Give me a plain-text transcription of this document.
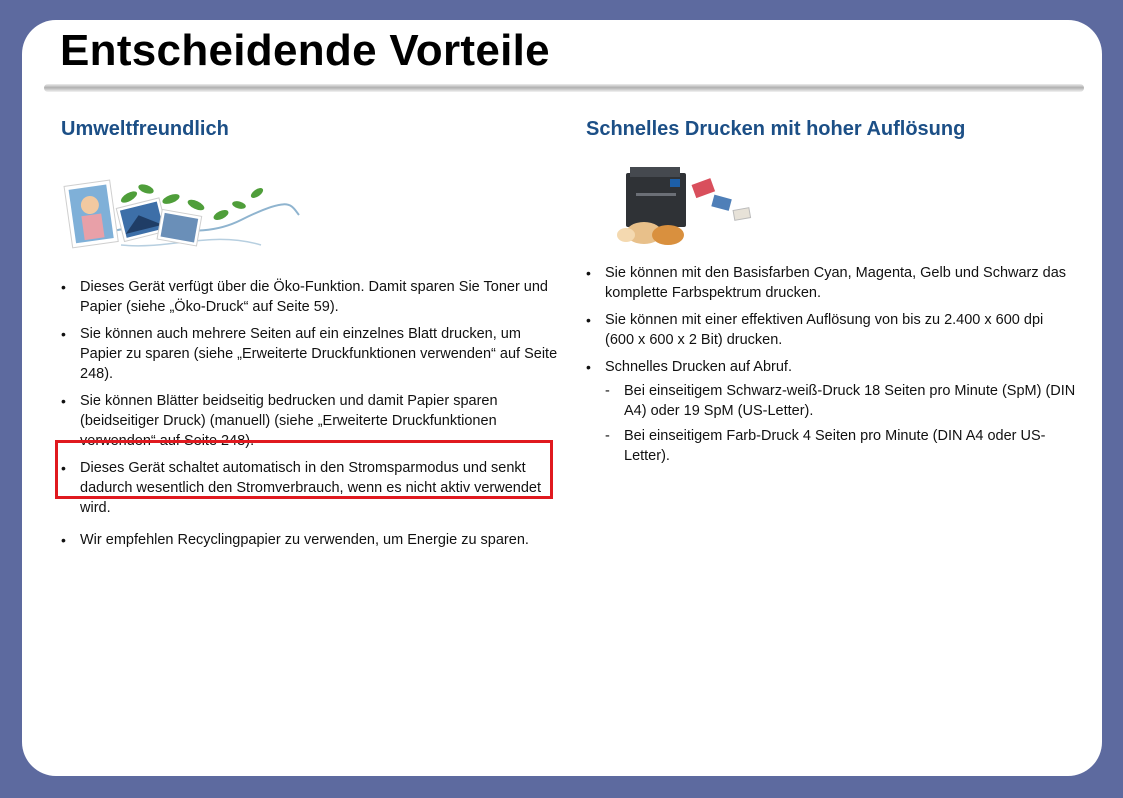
Entscheidende Vorteile
Umweltfreundlich
• Dieses Gerät verfügt über die Öko-Funktion. Damit sparen Sie Toner und Papier (siehe „Öko-Druck“ auf Seite 59).
• Sie können auch mehrere Seiten auf ein einzelnes Blatt drucken, um Papier zu sparen (siehe „Erweiterte Druckfunktionen verwenden“ auf Seite 248).
• Sie können Blätter beidseitig bedrucken und damit Papier sparen (beidseitiger Druck) (manuell) (siehe „Erweiterte Druckfunktionen verwenden“ auf Seite 248).
• Dieses Gerät schaltet automatisch in den Stromsparmodus und senkt dadurch wesentlich den Stromverbrauch, wenn es nicht aktiv verwendet wird.
• Wir empfehlen Recyclingpapier zu verwenden, um Energie zu sparen.
Schnelles Drucken mit hoher Auflösung
• Sie können mit den Basisfarben Cyan, Magenta, Gelb und Schwarz das komplette Farbspektrum drucken.
• Sie können mit einer effektiven Auflösung von bis zu 2.400 x 600 dpi (600 x 600 x 2 Bit) drucken.
• Schnelles Drucken auf Abruf.
- Bei einseitigem Schwarz-weiß-Druck 18 Seiten pro Minute (SpM) (DIN A4) oder 19 SpM (US-Letter).
- Bei einseitigem Farb-Druck 4 Seiten pro Minute (DIN A4 oder US-Letter).
